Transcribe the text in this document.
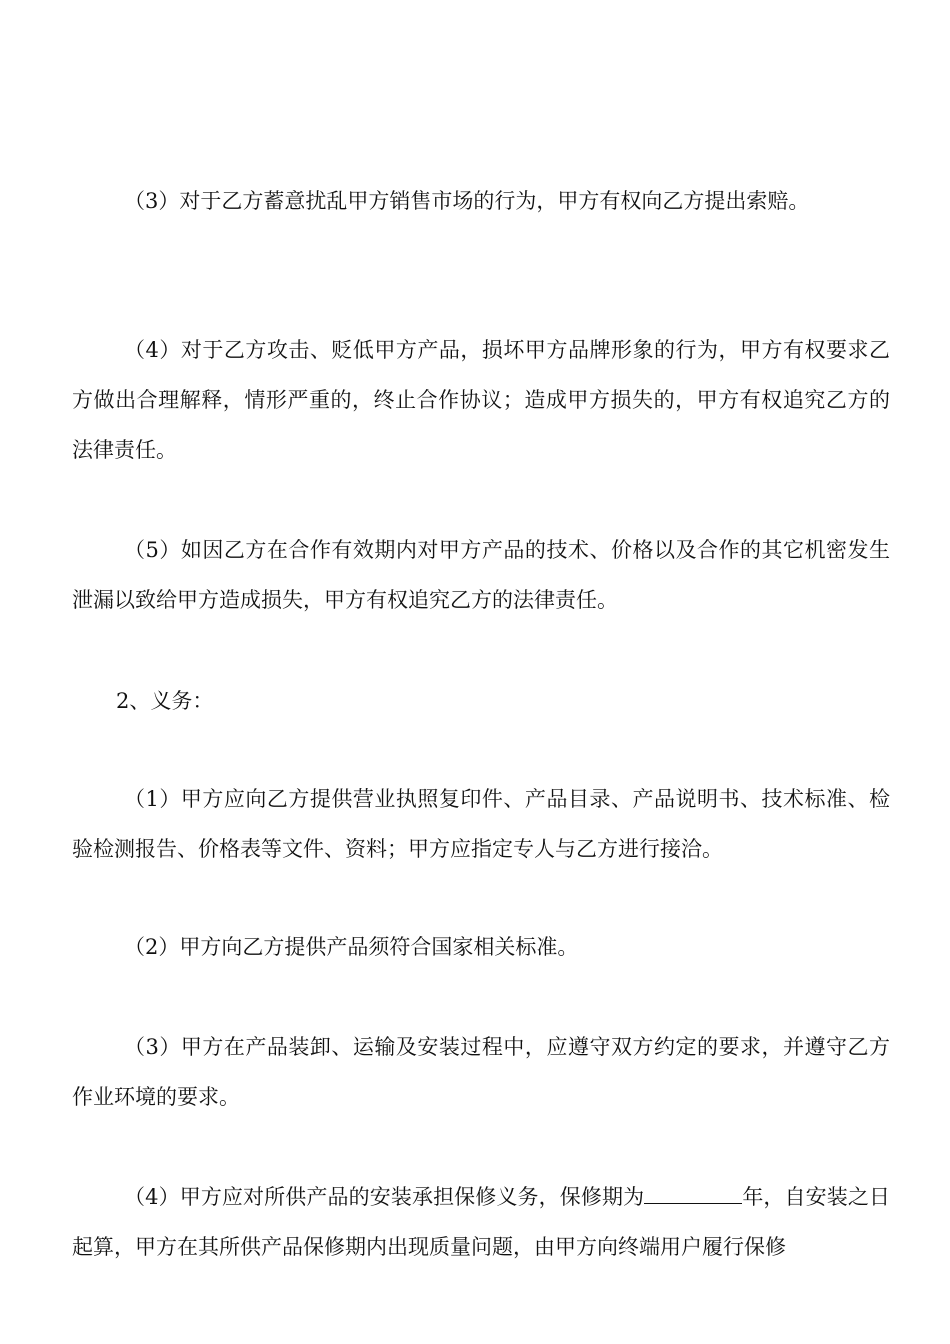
（3）对于乙方蓄意扰乱甲方销售市场的行为，甲方有权向乙方提出索赔。

（4）对于乙方攻击、贬低甲方产品，损坏甲方品牌形象的行为，甲方有权要求乙方做出合理解释，情形严重的，终止合作协议；造成甲方损失的，甲方有权追究乙方的法律责任。

（5）如因乙方在合作有效期内对甲方产品的技术、价格以及合作的其它机密发生泄漏以致给甲方造成损失，甲方有权追究乙方的法律责任。

2、义务：

（1）甲方应向乙方提供营业执照复印件、产品目录、产品说明书、技术标准、检验检测报告、价格表等文件、资料；甲方应指定专人与乙方进行接洽。

（2）甲方向乙方提供产品须符合国家相关标准。

（3）甲方在产品装卸、运输及安装过程中，应遵守双方约定的要求，并遵守乙方作业环境的要求。

（4）甲方应对所供产品的安装承担保修义务，保修期为	年，自安装之日起算，甲方在其所供产品保修期内出现质量问题，由甲方向终端用户履行保修
